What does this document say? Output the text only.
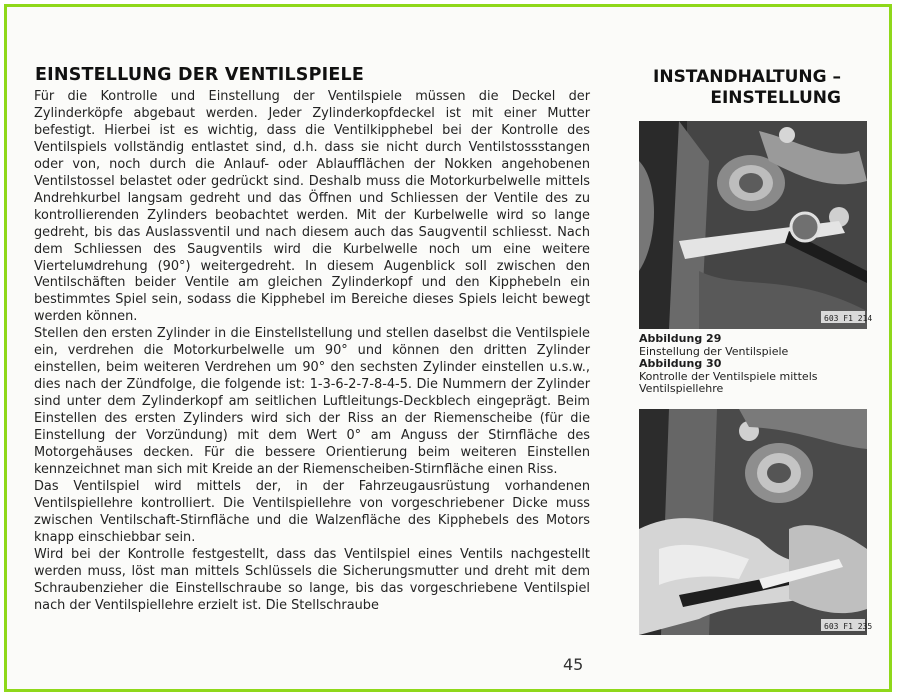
EINSTELLUNG DER VENTILSPIELE

Für die Kontrolle und Einstellung der Ventilspiele müssen die Deckel der Zylinderköpfe abgebaut werden. Jeder Zylinderkopfdeckel ist mit einer Mutter befestigt. Hierbei ist es wichtig, dass die Ventilkipphebel bei der Kontrolle des Ventilspiels vollständig entlastet sind, d.h. dass sie nicht durch Ventilstossstangen oder von, noch durch die Anlauf- oder Ablaufflächen der Nokken angehobenen Ventilstossel belastet oder gedrückt sind. Deshalb muss die Motorkurbelwelle mittels Andrehkurbel langsam gedreht und das Öffnen und Schliessen der Ventile des zu kontrollierenden Zylinders beobachtet werden. Mit der Kurbelwelle wird so lange gedreht, bis das Auslassventil und nach diesem auch das Saugventil schliesst. Nach dem Schliessen des Saugventils wird die Kurbelwelle noch um eine weitere Vierteluмdrehung (90°) weitergedreht. In diesem Augenblick soll zwischen den Ventilschäften beider Ventile am gleichen Zylinderkopf und den Kipphebeln ein bestimmtes Spiel sein, sodass die Kipphebel im Bereiche dieses Spiels leicht bewegt werden können.

Stellen den ersten Zylinder in die Einstellstellung und stellen daselbst die Ventilspiele ein, verdrehen die Motorkurbelwelle um 90° und können den dritten Zylinder einstellen, beim weiteren Verdrehen um 90° den sechsten Zylinder einstellen u.s.w., dies nach der Zündfolge, die folgende ist: 1-3-6-2-7-8-4-5. Die Nummern der Zylinder sind unter dem Zylinderkopf am seitlichen Luftleitungs-Deckblech eingeprägt. Beim Einstellen des ersten Zylinders wird sich der Riss an der Riemenscheibe (für die Einstellung der Vorzündung) mit dem Wert 0° am Anguss der Stirnfläche des Motorgehäuses decken. Für die bessere Orientierung beim weiteren Einstellen kennzeichnet man sich mit Kreide an der Riemenscheiben-Stirnfläche einen Riss.

Das Ventilspiel wird mittels der, in der Fahrzeugausrüstung vorhandenen Ventilspiellehre kontrolliert. Die Ventilspiellehre von vorgeschriebener Dicke muss zwischen Ventilschaft-Stirnfläche und die Walzenfläche des Kipphebels des Motors knapp einschiebbar sein.

Wird bei der Kontrolle festgestellt, dass das Ventilspiel eines Ventils nachgestellt werden muss, löst man mittels Schlüssels die Sicherungsmutter und dreht mit dem Schraubenzieher die Einstellschraube so lange, bis das vorgeschriebene Ventilspiel nach der Ventilspiellehre erzielt ist. Die Stellschraube

INSTANDHALTUNG –
EINSTELLUNG
603 F1 214
Abbildung 29
Einstellung der Ventilspiele
Abbildung 30
Kontrolle der Ventilspiele mittels Ventilspiellehre
603 F1 235
45
